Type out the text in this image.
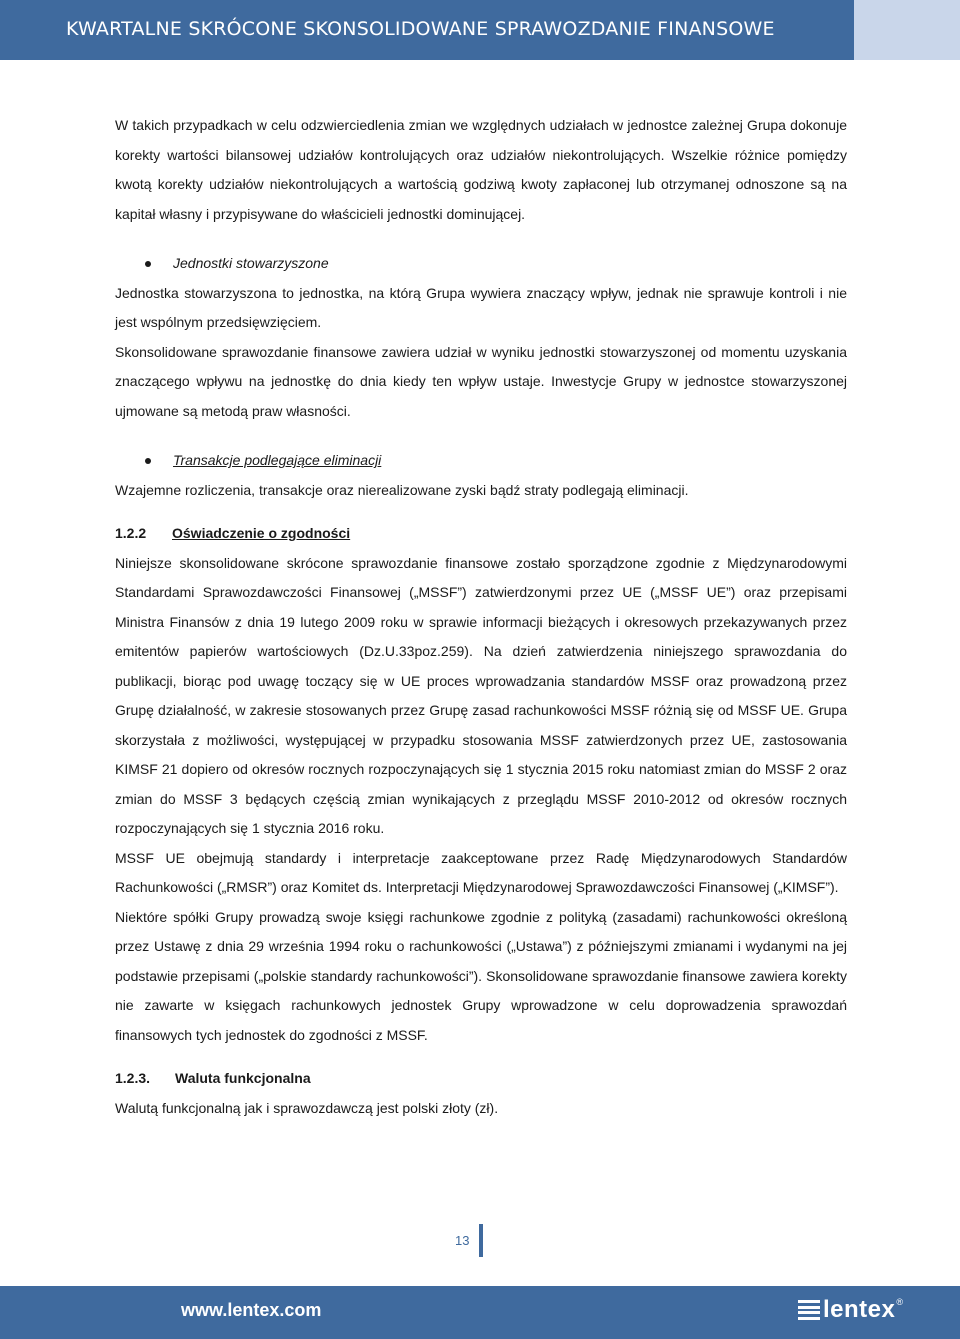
KWARTALNE SKRÓCONE SKONSOLIDOWANE SPRAWOZDANIE FINANSOWE

W takich przypadkach w celu odzwierciedlenia zmian we względnych udziałach w jednostce zależnej Grupa dokonuje korekty wartości bilansowej udziałów kontrolujących oraz udziałów niekontrolujących. Wszelkie różnice pomiędzy kwotą korekty udziałów niekontrolujących a wartością godziwą kwoty zapłaconej lub otrzymanej odnoszone są na kapitał własny i przypisywane do właścicieli jednostki dominującej.

Jednostki stowarzyszone

Jednostka stowarzyszona to jednostka, na którą Grupa wywiera znaczący wpływ, jednak nie sprawuje kontroli i nie jest wspólnym przedsięwzięciem.

Skonsolidowane sprawozdanie finansowe zawiera udział w wyniku jednostki stowarzyszonej od momentu uzyskania znaczącego wpływu na jednostkę do dnia kiedy ten wpływ ustaje. Inwestycje Grupy w jednostce stowarzyszonej ujmowane są metodą praw własności.

Transakcje podlegające eliminacji

Wzajemne rozliczenia, transakcje oraz nierealizowane zyski bądź straty podlegają eliminacji.

1.2.2 Oświadczenie o zgodności

Niniejsze skonsolidowane skrócone sprawozdanie finansowe zostało sporządzone zgodnie z Międzynarodowymi Standardami Sprawozdawczości Finansowej („MSSF”) zatwierdzonymi przez UE („MSSF UE”) oraz przepisami Ministra Finansów z dnia 19 lutego 2009 roku w sprawie informacji bieżących i okresowych przekazywanych przez emitentów papierów wartościowych (Dz.U.33poz.259). Na dzień zatwierdzenia niniejszego sprawozdania do publikacji, biorąc pod uwagę toczący się w UE proces wprowadzania standardów MSSF oraz prowadzoną przez Grupę działalność, w zakresie stosowanych przez Grupę zasad rachunkowości MSSF różnią się od MSSF UE. Grupa skorzystała z możliwości, występującej w przypadku stosowania MSSF zatwierdzonych przez UE, zastosowania KIMSF 21 dopiero od okresów rocznych rozpoczynających się 1 stycznia 2015 roku natomiast zmian do MSSF 2 oraz zmian do MSSF 3 będących częścią zmian wynikających z przeglądu MSSF 2010-2012 od okresów rocznych rozpoczynających się 1 stycznia 2016 roku.

MSSF UE obejmują standardy i interpretacje zaakceptowane przez Radę Międzynarodowych Standardów Rachunkowości („RMSR”) oraz Komitet ds. Interpretacji Międzynarodowej Sprawozdawczości Finansowej („KIMSF”).

Niektóre spółki Grupy prowadzą swoje księgi rachunkowe zgodnie z polityką (zasadami) rachunkowości określoną przez Ustawę z dnia 29 września 1994 roku o rachunkowości („Ustawa”) z późniejszymi zmianami i wydanymi na jej podstawie przepisami („polskie standardy rachunkowości”). Skonsolidowane sprawozdanie finansowe zawiera korekty nie zawarte w księgach rachunkowych jednostek Grupy wprowadzone w celu doprowadzenia sprawozdań finansowych tych jednostek do zgodności z MSSF.

1.2.3. Waluta funkcjonalna

Walutą funkcjonalną jak i sprawozdawczą jest polski złoty (zł).

13
www.lentex.com	lentex ®
